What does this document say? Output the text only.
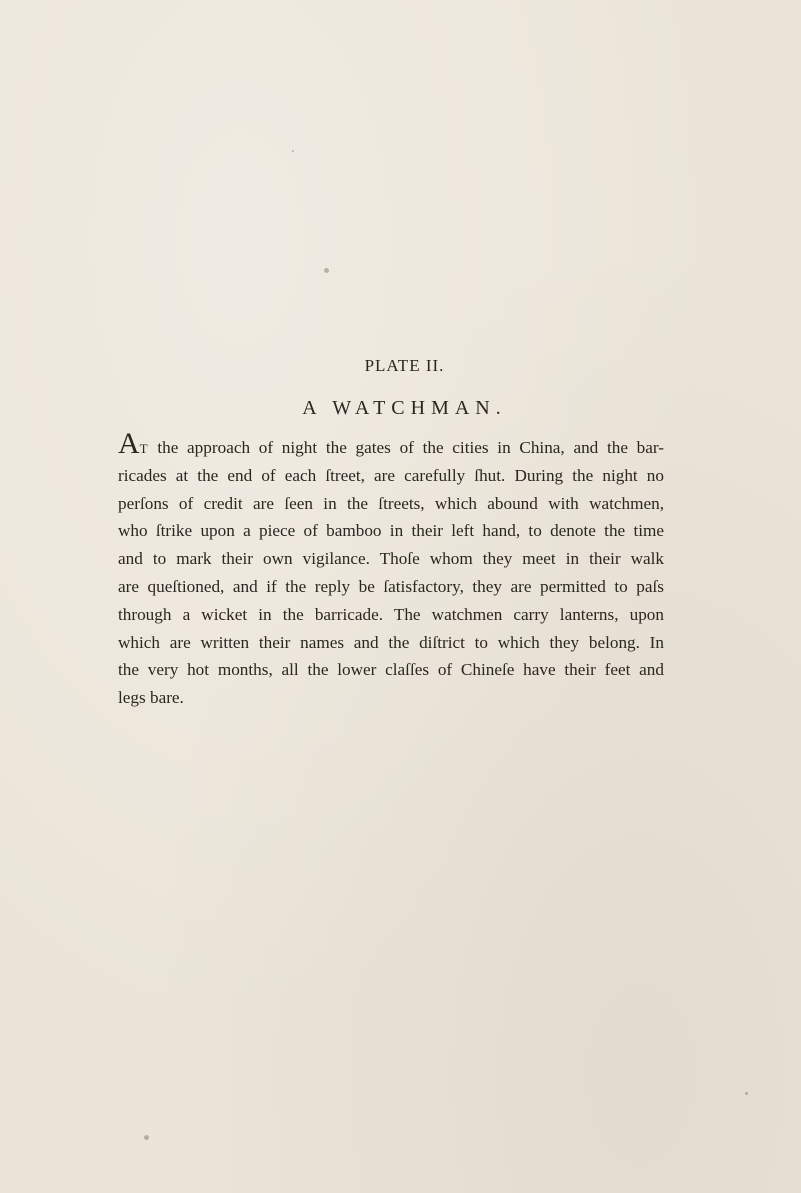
PLATE II.
A WATCHMAN.
AT the approach of night the gates of the cities in China, and the bar-
ricades at the end of each ſtreet, are carefully ſhut. During the night no
perſons of credit are ſeen in the ſtreets, which abound with watchmen,
who ſtrike upon a piece of bamboo in their left hand, to denote the time
and to mark their own vigilance. Thoſe whom they meet in their walk
are queſtioned, and if the reply be ſatisfactory, they are permitted to paſs
through a wicket in the barricade. The watchmen carry lanterns, upon
which are written their names and the diſtrict to which they belong. In
the very hot months, all the lower claſſes of Chineſe have their feet and
legs bare.
